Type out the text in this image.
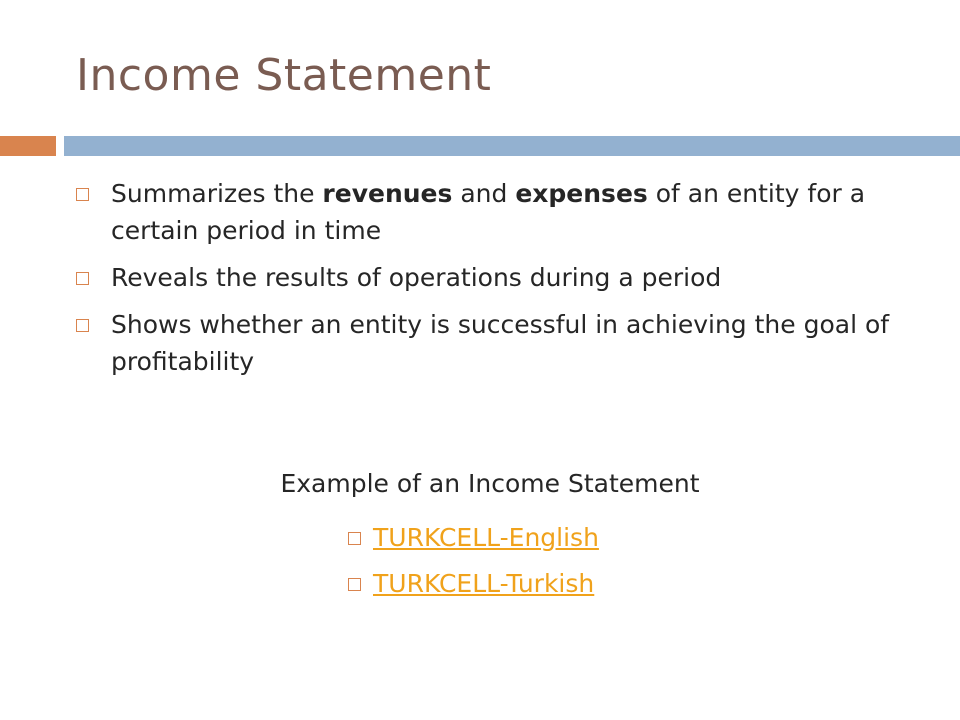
Income Statement
Summarizes the revenues and expenses of an entity for a certain period in time
Reveals the results of operations during a period
Shows whether an entity is successful in achieving the goal of profitability
Example of an Income Statement
TURKCELL-English
TURKCELL-Turkish
